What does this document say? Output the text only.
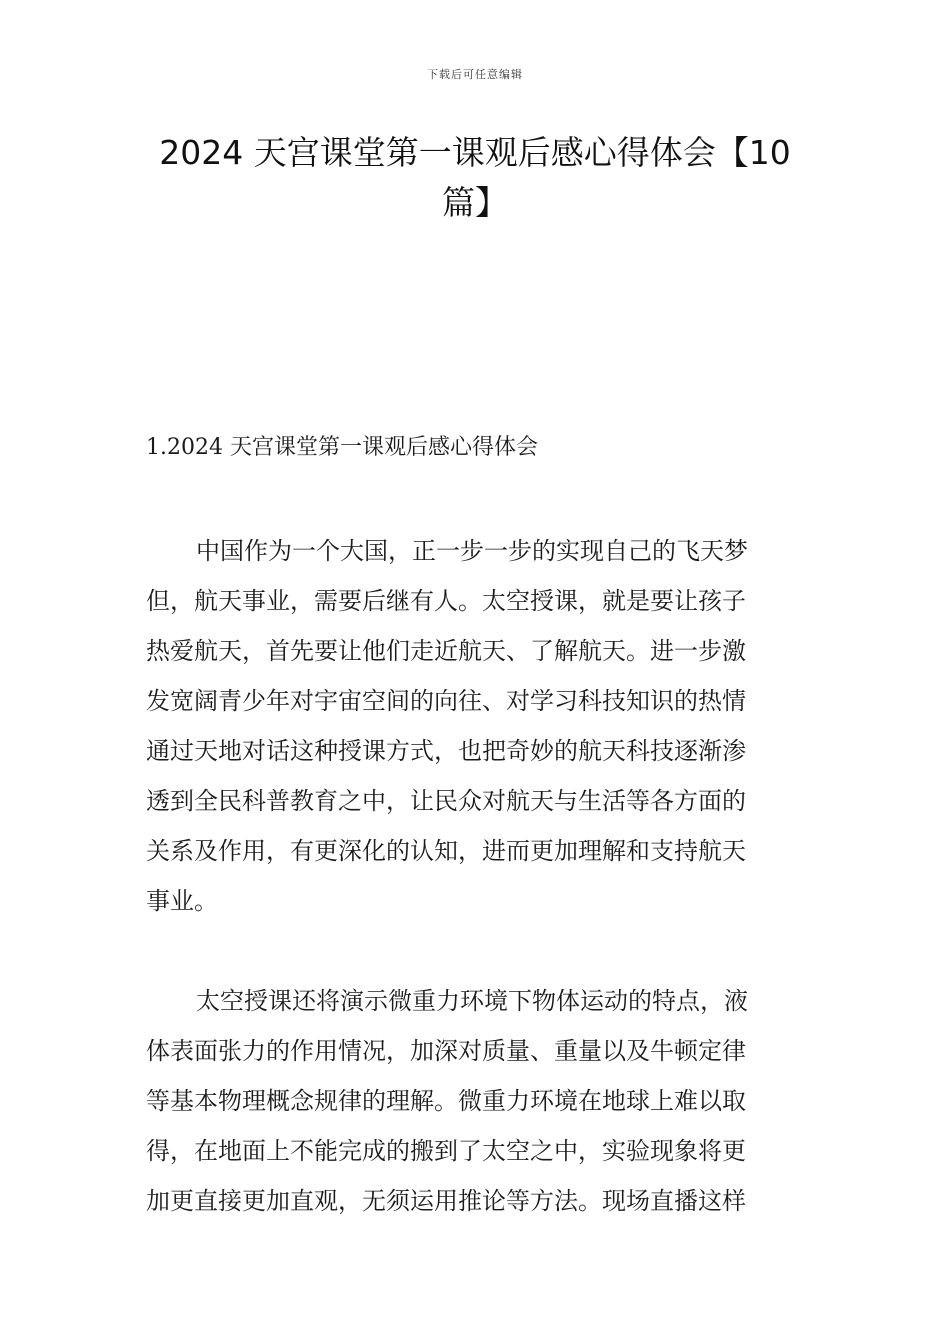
下载后可任意编辑
2024 天宫课堂第一课观后感心得体会【10
篇】
1.2024 天宫课堂第一课观后感心得体会
中国作为一个大国，正一步一步的实现自己的飞天梦
但，航天事业，需要后继有人。太空授课，就是要让孩子
热爱航天，首先要让他们走近航天、了解航天。进一步激
发宽阔青少年对宇宙空间的向往、对学习科技知识的热情
通过天地对话这种授课方式，也把奇妙的航天科技逐渐渗
透到全民科普教育之中，让民众对航天与生活等各方面的
关系及作用，有更深化的认知，进而更加理解和支持航天
事业。
太空授课还将演示微重力环境下物体运动的特点，液
体表面张力的作用情况，加深对质量、重量以及牛顿定律
等基本物理概念规律的理解。微重力环境在地球上难以取
得，在地面上不能完成的搬到了太空之中，实验现象将更
加更直接更加直观，无须运用推论等方法。现场直播这样
